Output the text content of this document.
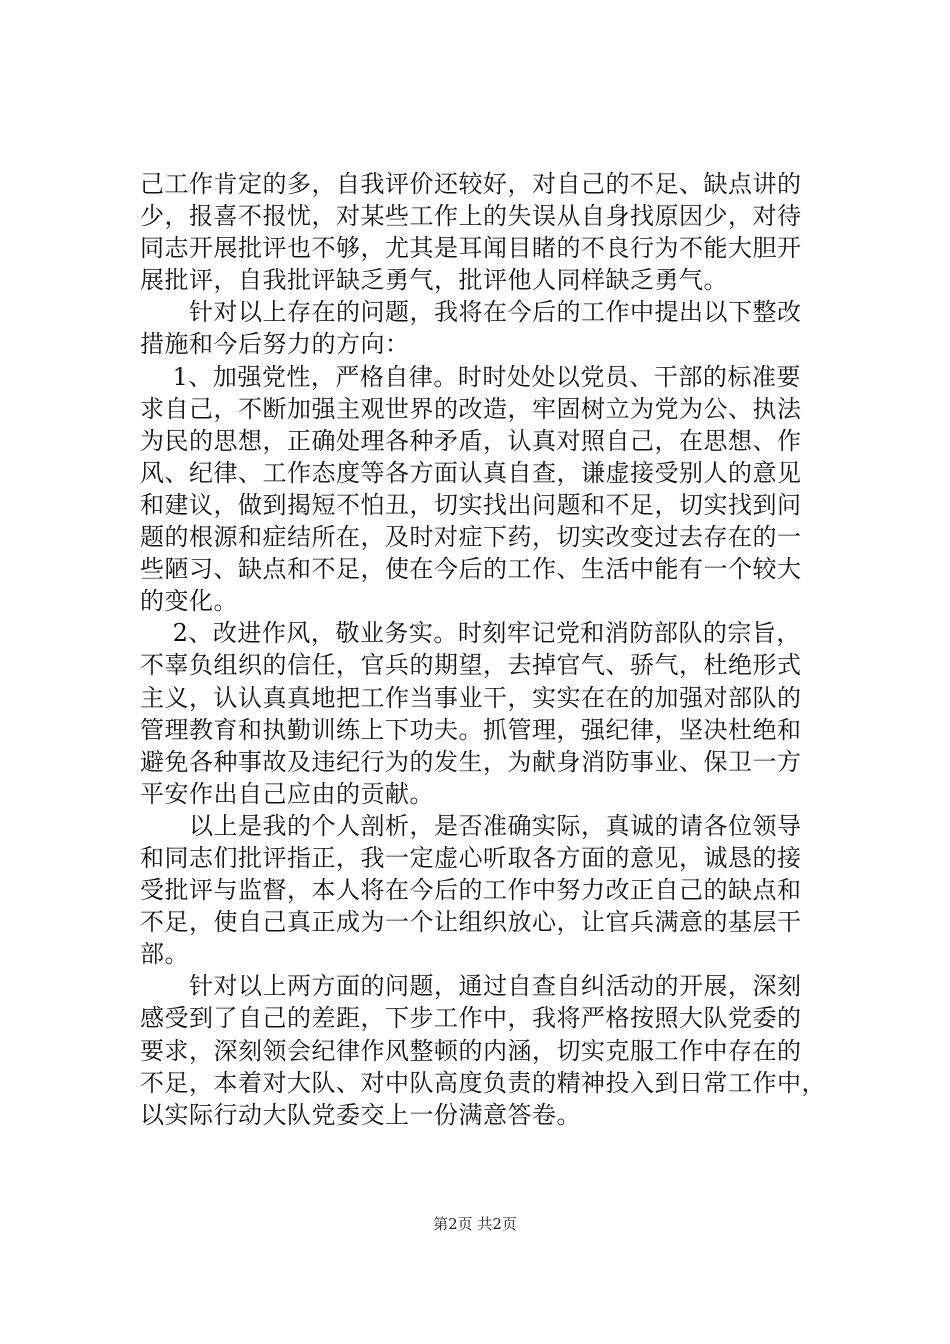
己工作肯定的多，自我评价还较好，对自己的不足、缺点讲的
少，报喜不报忧，对某些工作上的失误从自身找原因少，对待
同志开展批评也不够，尤其是耳闻目睹的不良行为不能大胆开
展批评，自我批评缺乏勇气，批评他人同样缺乏勇气。
　　针对以上存在的问题，我将在今后的工作中提出以下整改
措施和今后努力的方向：
　 1、加强党性，严格自律。时时处处以党员、干部的标准要
求自己，不断加强主观世界的改造，牢固树立为党为公、执法
为民的思想，正确处理各种矛盾，认真对照自己，在思想、作
风、纪律、工作态度等各方面认真自查，谦虚接受别人的意见
和建议，做到揭短不怕丑，切实找出问题和不足，切实找到问
题的根源和症结所在，及时对症下药，切实改变过去存在的一
些陋习、缺点和不足，使在今后的工作、生活中能有一个较大
的变化。
　 2、改进作风，敬业务实。时刻牢记党和消防部队的宗旨，
不辜负组织的信任，官兵的期望，去掉官气、骄气，杜绝形式
主义，认认真真地把工作当事业干，实实在在的加强对部队的
管理教育和执勤训练上下功夫。抓管理，强纪律，坚决杜绝和
避免各种事故及违纪行为的发生，为献身消防事业、保卫一方
平安作出自己应由的贡献。
　　以上是我的个人剖析，是否准确实际，真诚的请各位领导
和同志们批评指正，我一定虚心听取各方面的意见，诚恳的接
受批评与监督，本人将在今后的工作中努力改正自己的缺点和
不足，使自己真正成为一个让组织放心，让官兵满意的基层干
部。
　　针对以上两方面的问题，通过自查自纠活动的开展，深刻
感受到了自己的差距，下步工作中，我将严格按照大队党委的
要求，深刻领会纪律作风整顿的内涵，切实克服工作中存在的
不足，本着对大队、对中队高度负责的精神投入到日常工作中，
以实际行动大队党委交上一份满意答卷。
第2页 共2页
